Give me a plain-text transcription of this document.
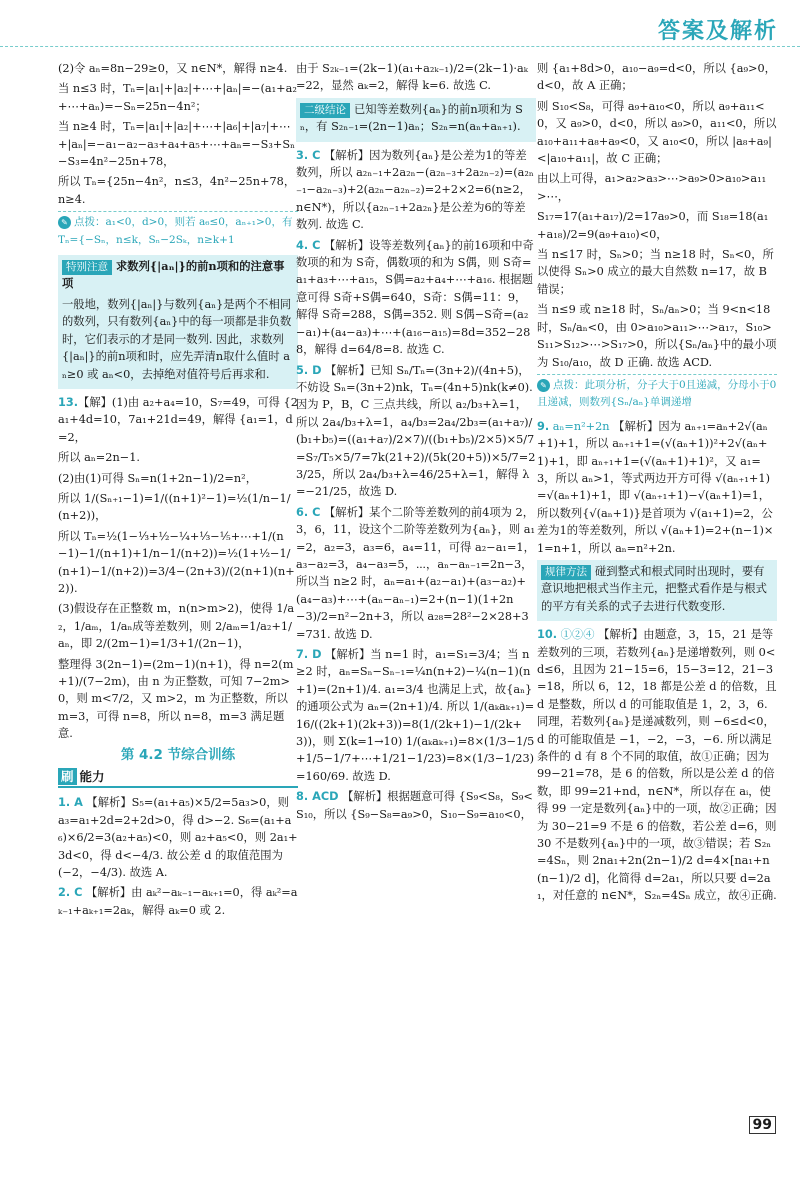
答案及解析

(2)令 aₙ=8n−29≥0，又 n∈N*，解得 n≥4.

当 n≤3 时，Tₙ=|a₁|+|a₂|+⋯+|aₙ|=−(a₁+a₂+⋯+aₙ)=−Sₙ=25n−4n²；

当 n≥4 时，Tₙ=|a₁|+|a₂|+⋯+|a₆|+|a₇|+⋯+|aₙ|=−a₁−a₂−a₃+a₄+a₅+⋯+aₙ=−S₃+Sₙ−S₃=4n²−25n+78，

所以 Tₙ={25n−4n²，n≤3，4n²−25n+78，n≥4.

✎ 点拨：a₁<0，d>0，则若 a₆≤0，aₙ₊₁>0，有 Tₙ={−Sₙ，n≤k，Sₙ−2Sₖ，n≥k+1

特别注意 求数列{|aₙ|}的前n项和的注意事项

一般地，数列{|aₙ|}与数列{aₙ}是两个不相同的数列，只有数列{aₙ}中的每一项都是非负数时，它们表示的才是同一数列. 因此，求数列{|aₙ|}的前n项和时，应先弄清n取什么值时 aₙ≥0 或 aₙ<0，去掉绝对值符号后再求和.

13.【解】(1)由 a₂+a₄=10，S₇=49，可得 {2a₁+4d=10，7a₁+21d=49，解得 {a₁=1，d=2，

所以 aₙ=2n−1.

(2)由(1)可得 Sₙ=n(1+2n−1)/2=n²，

所以 1/(Sₙ₊₁−1)=1/((n+1)²−1)=½(1/n−1/(n+2))，

所以 Tₙ=½(1−⅓+½−¼+⅓−⅕+⋯+1/(n−1)−1/(n+1)+1/n−1/(n+2))=½(1+½−1/(n+1)−1/(n+2))=3/4−(2n+3)/(2(n+1)(n+2)).

(3)假设存在正整数 m，n(n>m>2)，使得 1/a₂，1/aₘ，1/aₙ成等差数列，则 2/aₘ=1/a₂+1/aₙ，即 2/(2m−1)=1/3+1/(2n−1)，

整理得 3(2n−1)=(2m−1)(n+1)，得 n=2(m+1)/(7−2m)，由 n 为正整数，可知 7−2m>0，则 m<7/2，又 m>2，m 为正整数，所以 m=3，可得 n=8，所以 n=8，m=3 满足题意.

第 4.2 节综合训练
刷 能力

1. A 【解析】S₅=(a₁+a₅)×5/2=5a₃>0，则 a₃=a₁+2d=2+2d>0，得 d>−2. S₆=(a₁+a₆)×6/2=3(a₂+a₅)<0，则 a₂+a₅<0，则 2a₁+3d<0，得 d<−4/3. 故公差 d 的取值范围为(−2，−4/3). 故选 A.

2. C 【解析】由 aₖ²−aₖ₋₁−aₖ₊₁=0，得 aₖ²=aₖ₋₁+aₖ₊₁=2aₖ，解得 aₖ=0 或 2.

由于 S₂ₖ₋₁=(2k−1)(a₁+a₂ₖ₋₁)/2=(2k−1)·aₖ=22，显然 aₖ=2，解得 k=6. 故选 C.

二级结论 已知等差数列{aₙ}的前n项和为 Sₙ，有 S₂ₙ₋₁=(2n−1)aₙ；S₂ₙ=n(aₙ+aₙ₊₁).

3. C 【解析】因为数列{aₙ}是公差为1的等差数列，所以 a₂ₙ₋₁+2a₂ₙ−(a₂ₙ₋₃+2a₂ₙ₋₂)=(a₂ₙ₋₁−a₂ₙ₋₃)+2(a₂ₙ−a₂ₙ₋₂)=2+2×2=6(n≥2，n∈N*)，所以{a₂ₙ₋₁+2a₂ₙ}是公差为6的等差数列. 故选 C.

4. C 【解析】设等差数列{aₙ}的前16项和中奇数项的和为 S奇，偶数项的和为 S偶，则 S奇=a₁+a₃+⋯+a₁₅，S偶=a₂+a₄+⋯+a₁₆. 根据题意可得 S奇+S偶=640，S奇：S偶=11：9，解得 S奇=288，S偶=352. 则 S偶−S奇=(a₂−a₁)+(a₄−a₃)+⋯+(a₁₆−a₁₅)=8d=352−288，解得 d=64/8=8. 故选 C.

5. D 【解析】已知 Sₙ/Tₙ=(3n+2)/(4n+5)，不妨设 Sₙ=(3n+2)nk，Tₙ=(4n+5)nk(k≠0). 因为 P，B，C 三点共线，所以 a₂/b₃+λ=1，所以 2a₄/b₃+λ=1，a₄/b₃=2a₄/2b₃=(a₁+a₇)/(b₁+b₅)=((a₁+a₇)/2×7)/((b₁+b₅)/2×5)×5/7=S₇/T₅×5/7=7k(21+2)/(5k(20+5))×5/7=23/25，所以 2a₄/b₃+λ=46/25+λ=1，解得 λ=−21/25，故选 D.

6. C 【解析】某个二阶等差数列的前4项为 2，3，6，11，设这个二阶等差数列为{aₙ}，则 a₁=2，a₂=3，a₃=6，a₄=11，可得 a₂−a₁=1，a₃−a₂=3，a₄−a₃=5，⋯，aₙ−aₙ₋₁=2n−3，所以当 n≥2 时，aₙ=a₁+(a₂−a₁)+(a₃−a₂)+(a₄−a₃)+⋯+(aₙ−aₙ₋₁)=2+(n−1)(1+2n−3)/2=n²−2n+3，所以 a₂₈=28²−2×28+3=731. 故选 D.

7. D 【解析】当 n=1 时，a₁=S₁=3/4；当 n≥2 时，aₙ=Sₙ−Sₙ₋₁=¼n(n+2)−¼(n−1)(n+1)=(2n+1)/4. a₁=3/4 也满足上式，故{aₙ}的通项公式为 aₙ=(2n+1)/4. 所以 1/(aₖaₖ₊₁)=16/((2k+1)(2k+3))=8(1/(2k+1)−1/(2k+3))，则 Σ(k=1→10) 1/(aₖaₖ₊₁)=8×(1/3−1/5+1/5−1/7+⋯+1/21−1/23)=8×(1/3−1/23)=160/69. 故选 D.

8. ACD 【解析】根据题意可得 {S₉<S₈，S₉<S₁₀，所以 {S₉−S₈=a₉>0，S₁₀−S₉=a₁₀<0，

则 {a₁+8d>0，a₁₀−a₉=d<0，所以 {a₉>0，d<0，故 A 正确；

则 S₁₀<S₈，可得 a₉+a₁₀<0，所以 a₉+a₁₁<0，又 a₉>0，d<0，所以 a₉>0，a₁₁<0，所以 a₁₀+a₁₁+a₈+a₉<0，又 a₁₀<0，所以 |a₈+a₉|<|a₁₀+a₁₁|，故 C 正确；

由以上可得，a₁>a₂>a₃>⋯>a₉>0>a₁₀>a₁₁>⋯，

S₁₇=17(a₁+a₁₇)/2=17a₉>0，而 S₁₈=18(a₁+a₁₈)/2=9(a₉+a₁₀)<0，

当 n≤17 时，Sₙ>0；当 n≥18 时，Sₙ<0，所以使得 Sₙ>0 成立的最大自然数 n=17，故 B 错误；

当 n≤9 或 n≥18 时，Sₙ/aₙ>0；当 9<n<18 时，Sₙ/aₙ<0，由 0>a₁₀>a₁₁>⋯>a₁₇，S₁₀>S₁₁>S₁₂>⋯>S₁₇>0，所以{Sₙ/aₙ}中的最小项为 S₁₀/a₁₀，故 D 正确. 故选 ACD.

✎ 点拨：此项分析，分子大于0且递减，分母小于0且递减，则数列{Sₙ/aₙ}单调递增

9. aₙ=n²+2n 【解析】因为 aₙ₊₁=aₙ+2√(aₙ+1)+1，所以 aₙ₊₁+1=(√(aₙ+1))²+2√(aₙ+1)+1，即 aₙ₊₁+1=(√(aₙ+1)+1)²，又 a₁=3，所以 aₙ>1，等式两边开方可得 √(aₙ₊₁+1)=√(aₙ+1)+1，即 √(aₙ₊₁+1)−√(aₙ+1)=1，所以数列{√(aₙ+1)}是首项为 √(a₁+1)=2，公差为1的等差数列，所以 √(aₙ+1)=2+(n−1)×1=n+1，所以 aₙ=n²+2n.

规律方法 碰到整式和根式同时出现时，要有意识地把根式当作主元，把整式看作是与根式的平方有关系的式子去进行代数变形.

10. ①②④ 【解析】由题意，3，15，21 是等差数列的三项，若数列{aₙ}是递增数列，则 0<d≤6，且因为 21−15=6，15−3=12，21−3=18，所以 6，12，18 都是公差 d 的倍数，且 d 是整数，所以 d 的可能取值是 1，2，3，6. 同理，若数列{aₙ}是递减数列，则 −6≤d<0，d 的可能取值是 −1，−2，−3，−6. 所以满足条件的 d 有 8 个不同的取值，故①正确；因为 99−21=78，是 6 的倍数，所以是公差 d 的倍数，即 99=21+nd，n∈N*，所以存在 aᵢ，使得 99 一定是数列{aₙ}中的一项，故②正确；因为 30−21=9 不是 6 的倍数，若公差 d=6，则 30 不是数列{aₙ}中的一项，故③错误；若 S₂ₙ=4Sₙ，则 2na₁+2n(2n−1)/2 d=4×[na₁+n(n−1)/2 d]，化简得 d=2a₁，所以只要 d=2a₁，对任意的 n∈N*，S₂ₙ=4Sₙ 成立，故④正确.

99
